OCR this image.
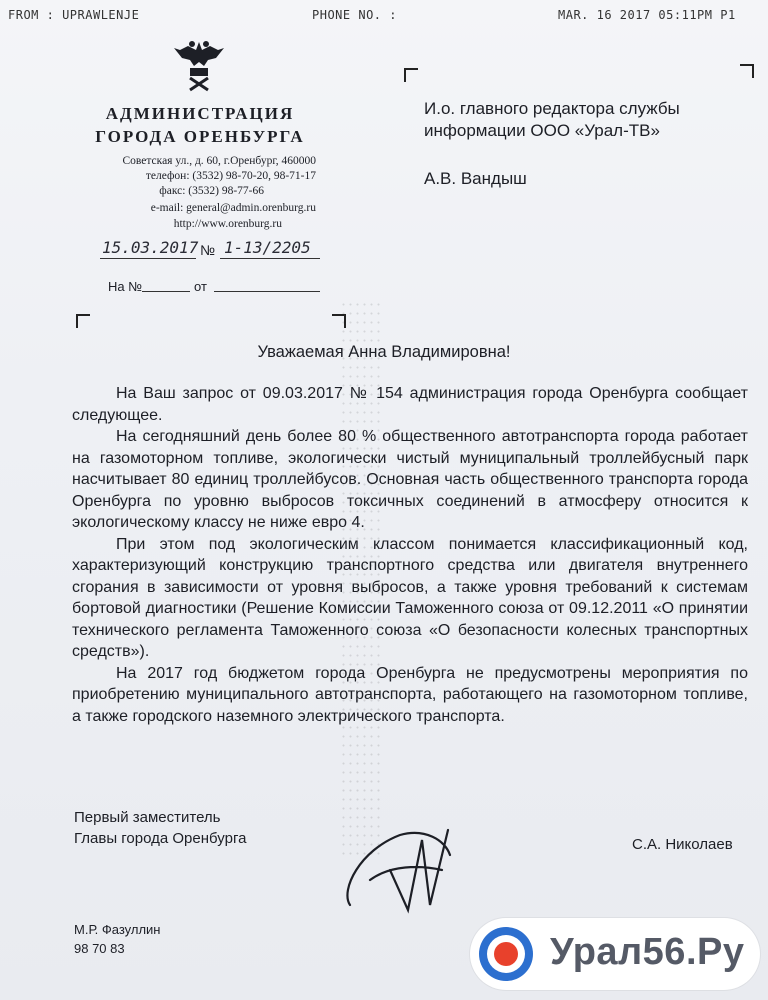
FROM : UPRAWLENJE	PHONE NO. :	MAR. 16 2017 05:11PM P1
АДМИНИСТРАЦИЯ
ГОРОДА ОРЕНБУРГА
Советская ул., д. 60, г.Оренбург, 460000
телефон: (3532) 98-70-20, 98-71-17
факс: (3532) 98-77-66
e-mail: general@admin.orenburg.ru
http://www.orenburg.ru
15.03.2017 № 1-13/2205
На №	от
И.о. главного редактора службы
информации ООО «Урал-ТВ»
А.В. Вандыш
Уважаемая Анна Владимировна!

На Ваш запрос от 09.03.2017 № 154 администрация города Оренбурга сообщает следующее.

На сегодняшний день более 80 % общественного автотранспорта города работает на газомоторном топливе, экологически чистый муниципальный троллейбусный парк насчитывает 80 единиц троллейбусов. Основная часть общественного транспорта города Оренбурга по уровню выбросов токсичных соединений в атмосферу относится к экологическому классу не ниже евро 4.

При этом под экологическим классом понимается классификационный код, характеризующий конструкцию транспортного средства или двигателя внутреннего сгорания в зависимости от уровня выбросов, а также уровня требований к системам бортовой диагностики (Решение Комиссии Таможенного союза от 09.12.2011 «О принятии технического регламента Таможенного союза «О безопасности колесных транспортных средств»).

На 2017 год бюджетом города Оренбурга не предусмотрены мероприятия по приобретению муниципального автотранспорта, работающего на газомоторном топливе, а также городского наземного электрического транспорта.

Первый заместитель
Главы города Оренбурга	С.А. Николаев
М.Р. Фазуллин
98 70 83	Урал56.Ру
